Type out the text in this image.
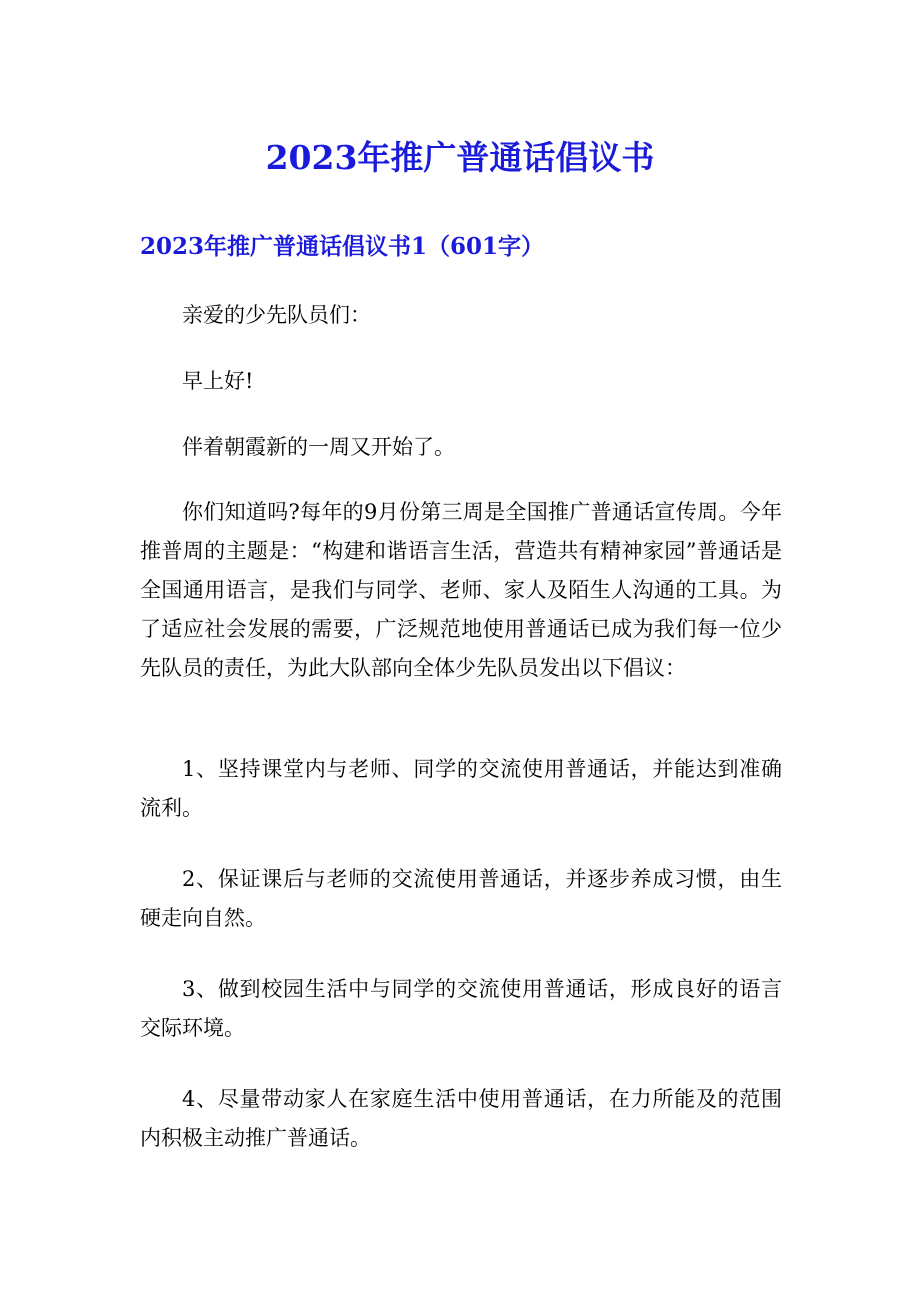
2023年推广普通话倡议书
2023年推广普通话倡议书1（601字）

亲爱的少先队员们：

早上好!

伴着朝霞新的一周又开始了。

你们知道吗?每年的9月份第三周是全国推广普通话宣传周。今年推普周的主题是：“构建和谐语言生活，营造共有精神家园”普通话是全国通用语言，是我们与同学、老师、家人及陌生人沟通的工具。为了适应社会发展的需要，广泛规范地使用普通话已成为我们每一位少先队员的责任，为此大队部向全体少先队员发出以下倡议：

1、坚持课堂内与老师、同学的交流使用普通话，并能达到准确流利。

2、保证课后与老师的交流使用普通话，并逐步养成习惯，由生硬走向自然。

3、做到校园生活中与同学的交流使用普通话，形成良好的语言交际环境。

4、尽量带动家人在家庭生活中使用普通话，在力所能及的范围内积极主动推广普通话。
